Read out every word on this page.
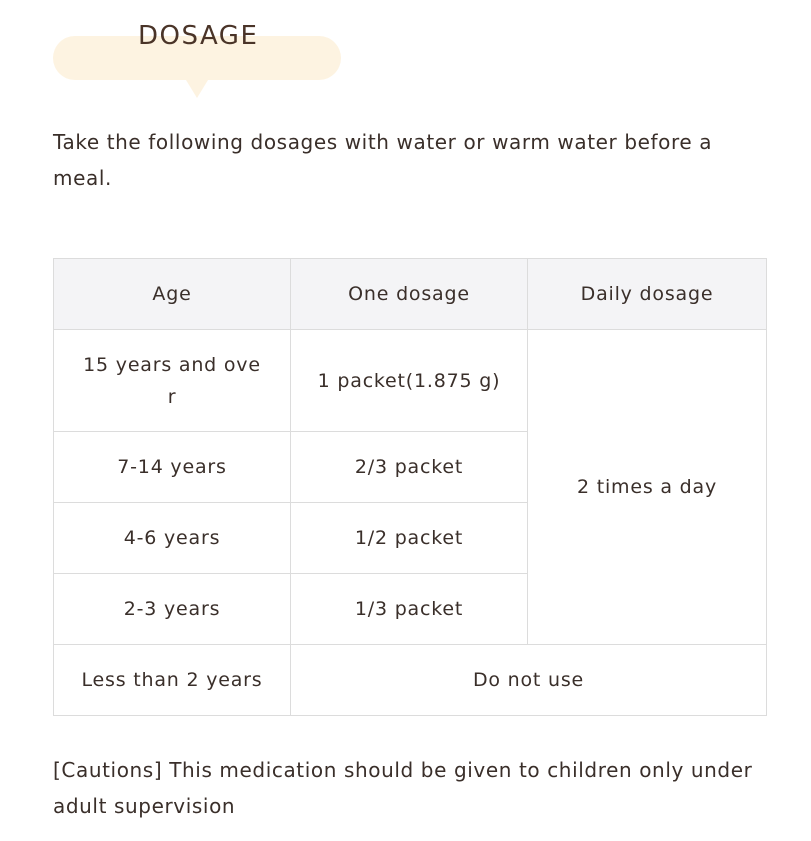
DOSAGE
Take the following dosages with water or warm water before a meal.
Age	One dosage	Daily dosage
15 years and ove
r	1 packet(1.875 g)	2 times a day
7-14 years	2/3 packet	
4-6 years	1/2 packet	
2-3 years	1/3 packet	
Less than 2 years	Do not use	
[Cautions] This medication should be given to children only under adult supervision
